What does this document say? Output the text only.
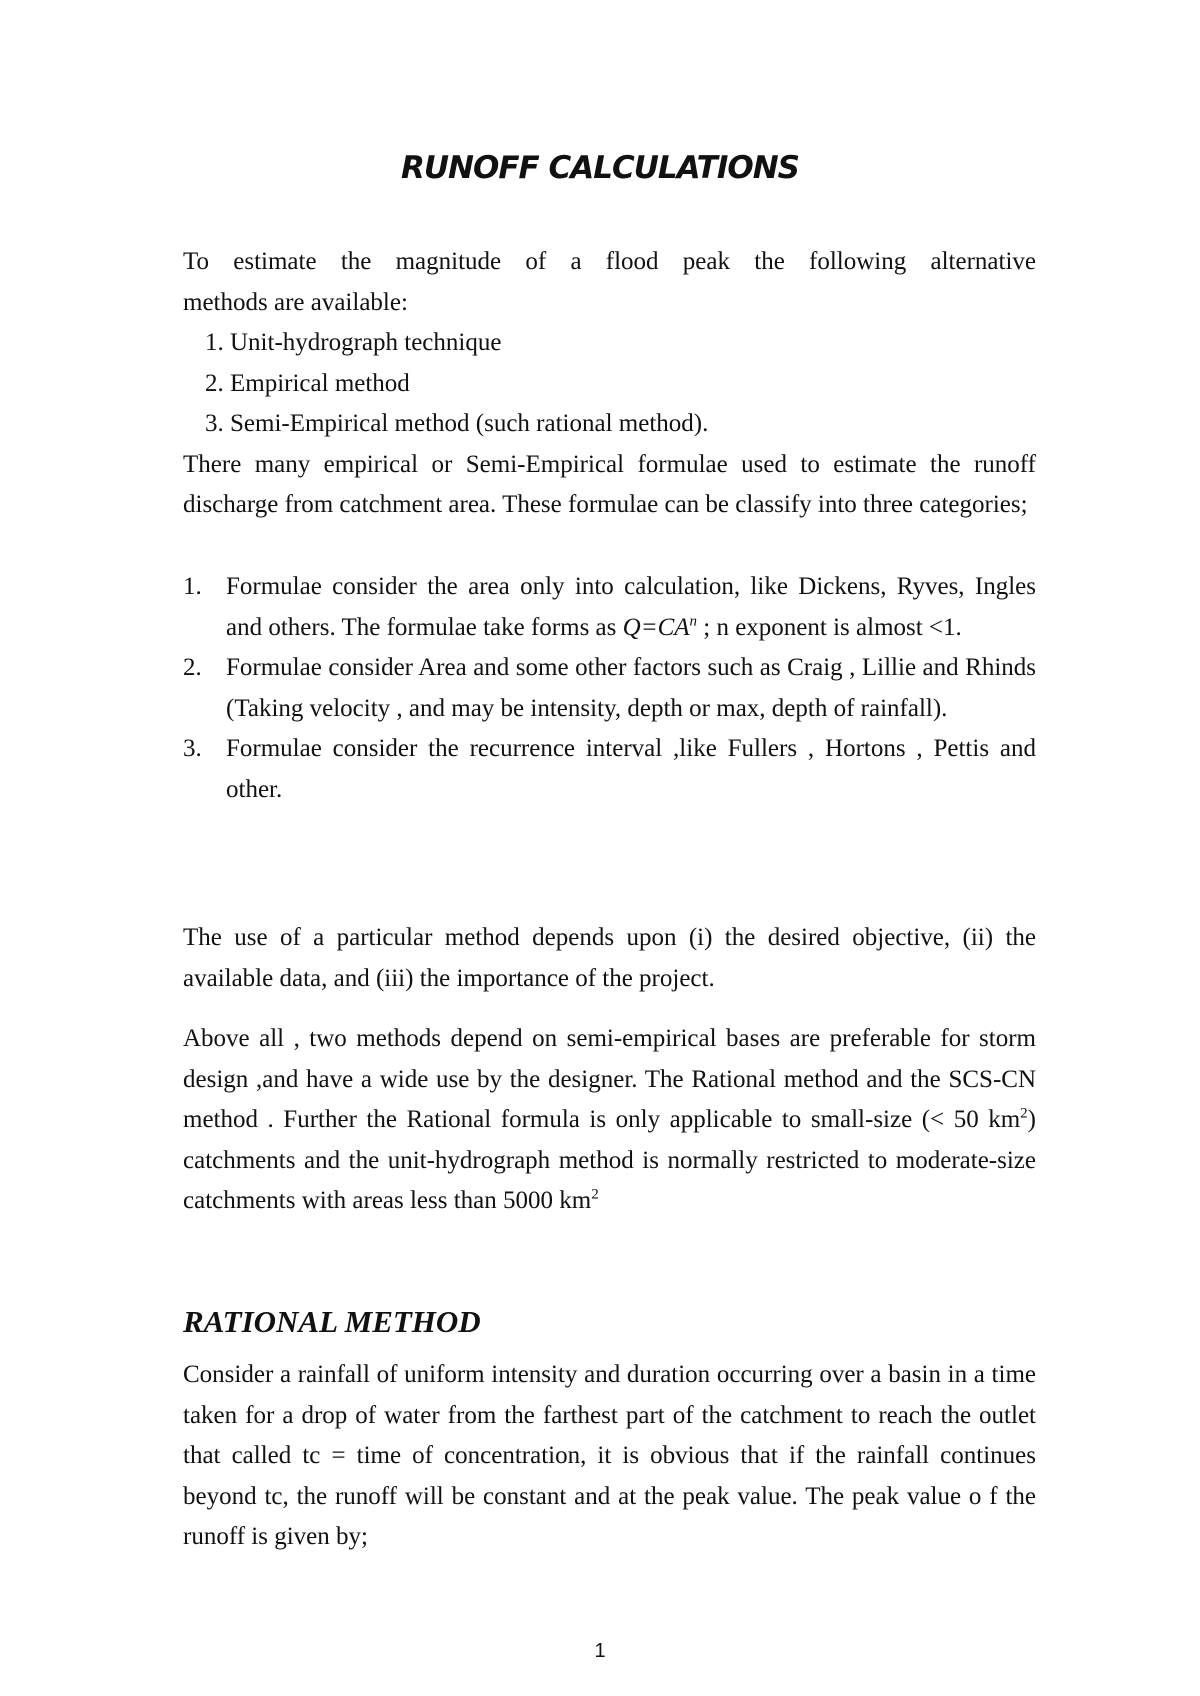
RUNOFF CALCULATIONS

To estimate the magnitude of a flood peak the following alternative

methods are available:

1. Unit-hydrograph technique
2. Empirical method
3. Semi-Empirical method (such rational method).

There many empirical or Semi-Empirical formulae used to estimate the runoff discharge from catchment area. These formulae can be classify into three categories;

1. Formulae consider the area only into calculation, like Dickens, Ryves, Ingles and others. The formulae take forms as $Q=CA^n$ ; n exponent is almost <1.
2. Formulae consider Area and some other factors such as Craig , Lillie and Rhinds (Taking velocity , and may be intensity, depth or max, depth of rainfall).
3. Formulae consider the recurrence interval ,like Fullers , Hortons , Pettis and other.

The use of a particular method depends upon (i) the desired objective, (ii) the available data, and (iii) the importance of the project.

Above all , two methods depend on semi-empirical bases are preferable for storm design ,and have a wide use by the designer. The Rational method and the SCS-CN method . Further the Rational formula is only applicable to small-size (< 50 $km^2$) catchments and the unit-hydrograph method is normally restricted to moderate-size catchments with areas less than 5000 $km^2$

RATIONAL METHOD

Consider a rainfall of uniform intensity and duration occurring over a basin in a time taken for a drop of water from the farthest part of the catchment to reach the outlet that called tc = time of concentration, it is obvious that if the rainfall continues beyond tc, the runoff will be constant and at the peak value. The peak value o f the runoff is given by;

1
